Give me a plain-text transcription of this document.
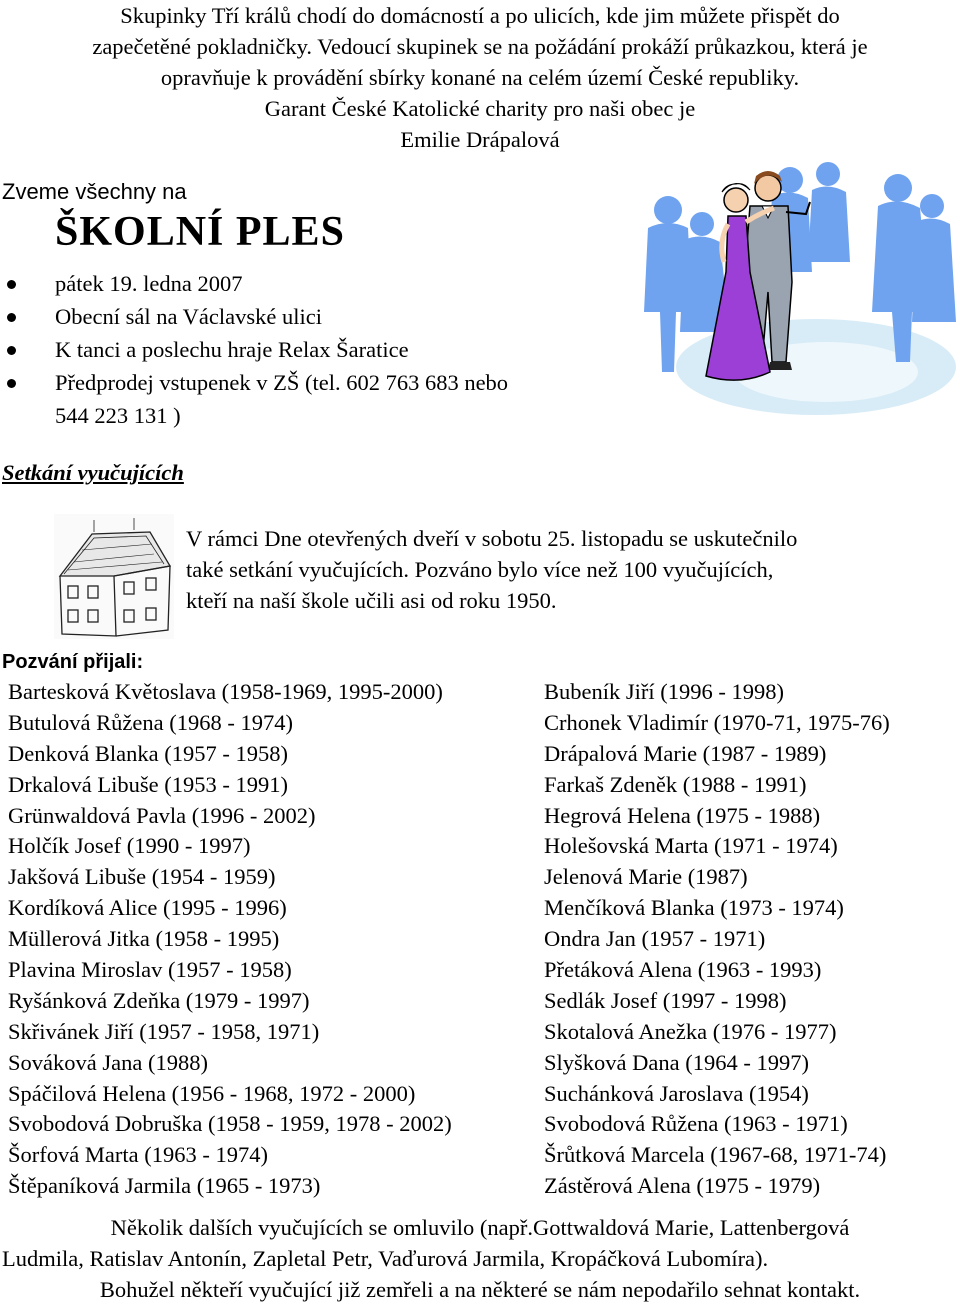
Skupinky Tří králů chodí do domácností a po ulicích, kde jim můžete přispět do
zapečetěné pokladničky. Vedoucí skupinek se na požádání prokáží průkazkou, která je
opravňuje k provádění sbírky konané na celém území České republiky.
Garant České Katolické charity pro naši obec je
Emilie Drápalová
Zveme všechny na
ŠKOLNÍ PLES
pátek 19. ledna 2007
Obecní sál na Václavské ulici
K tanci a poslechu hraje Relax Šaratice
Předprodej vstupenek v ZŠ (tel. 602 763 683 nebo
544 223 131 )
Setkání vyučujících
V rámci Dne otevřených dveří v sobotu 25. listopadu se uskutečnilo
také setkání vyučujících. Pozváno bylo více než 100 vyučujících,
kteří na naší škole učili asi od roku 1950.
Pozvání přijali:
Bartesková Květoslava (1958-1969, 1995-2000)	Bubeník Jiří (1996 - 1998)
Butulová Růžena (1968 - 1974)	Crhonek Vladimír (1970-71, 1975-76)
Denková Blanka (1957 - 1958)	Drápalová Marie (1987 - 1989)
Drkalová Libuše (1953 - 1991)	Farkaš Zdeněk (1988 - 1991)
Grünwaldová Pavla (1996 - 2002)	Hegrová Helena (1975 - 1988)
Holčík Josef (1990 - 1997)	Holešovská Marta (1971 - 1974)
Jakšová Libuše (1954 - 1959)	Jelenová Marie (1987)
Kordíková Alice (1995 - 1996)	Menčíková Blanka (1973 - 1974)
Müllerová Jitka (1958 - 1995)	Ondra Jan (1957 - 1971)
Plavina Miroslav (1957 - 1958)	Přetáková Alena (1963 - 1993)
Ryšánková Zdeňka (1979 - 1997)	Sedlák Josef (1997 - 1998)
Skřivánek Jiří (1957 - 1958, 1971)	Skotalová Anežka (1976 - 1977)
Sováková Jana (1988)	Slyšková Dana (1964 - 1997)
Spáčilová Helena (1956 - 1968, 1972 - 2000)	Suchánková Jaroslava (1954)
Svobodová Dobruška (1958 - 1959, 1978 - 2002)	Svobodová Růžena (1963 - 1971)
Šorfová Marta (1963 - 1974)	Šrůtková Marcela (1967-68, 1971-74)
Štěpaníková Jarmila (1965 - 1973)	Zástěrová Alena (1975 - 1979)
Několik dalších vyučujících se omluvilo (např.Gottwaldová Marie, Lattenbergová
Ludmila, Ratislav Antonín, Zapletal Petr, Vaďurová Jarmila, Kropáčková Lubomíra).
Bohužel někteří vyučující již zemřeli a na některé se nám nepodařilo sehnat kontakt.
